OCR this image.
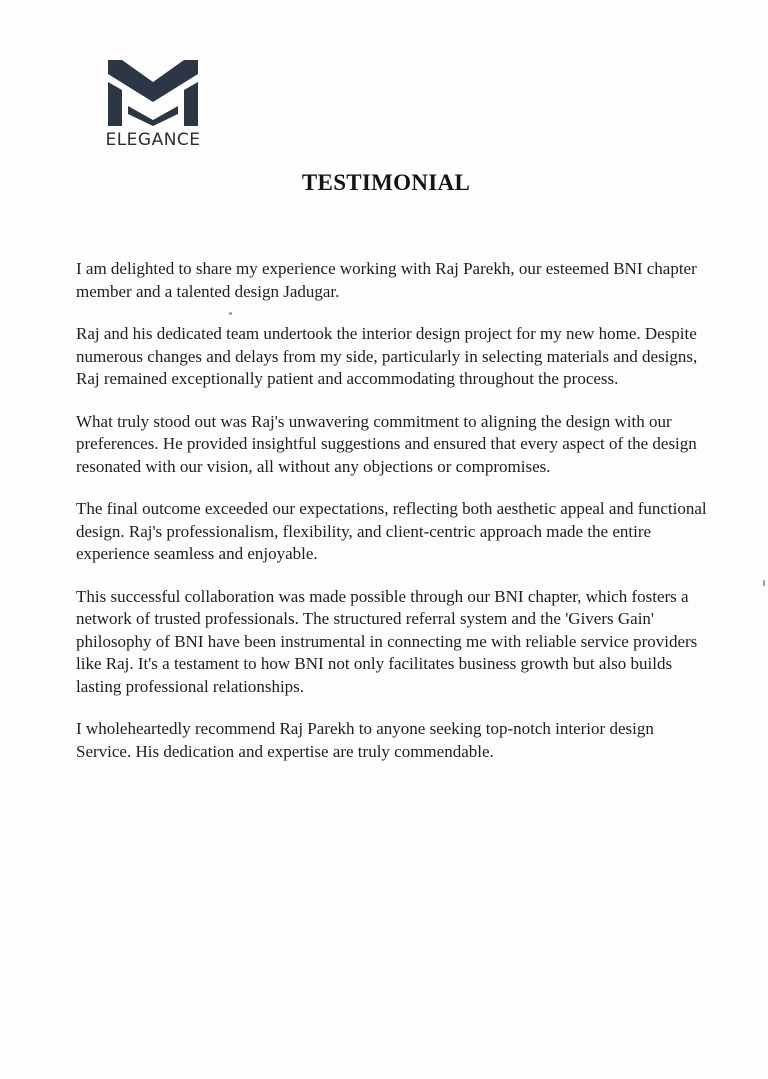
ELEGANCE
TESTIMONIAL

I am delighted to share my experience working with Raj Parekh, our esteemed BNI chapter member and a talented design Jadugar.

Raj and his dedicated team undertook the interior design project for my new home. Despite numerous changes and delays from my side, particularly in selecting materials and designs, Raj remained exceptionally patient and accommodating throughout the process.

What truly stood out was Raj's unwavering commitment to aligning the design with our preferences. He provided insightful suggestions and ensured that every aspect of the design resonated with our vision, all without any objections or compromises.

The final outcome exceeded our expectations, reflecting both aesthetic appeal and functional design. Raj's professionalism, flexibility, and client-centric approach made the entire experience seamless and enjoyable.

This successful collaboration was made possible through our BNI chapter, which fosters a network of trusted professionals. The structured referral system and the 'Givers Gain' philosophy of BNI have been instrumental in connecting me with reliable service providers like Raj. It's a testament to how BNI not only facilitates business growth but also builds lasting professional relationships.

I wholeheartedly recommend Raj Parekh to anyone seeking top-notch interior design Service. His dedication and expertise are truly commendable.
